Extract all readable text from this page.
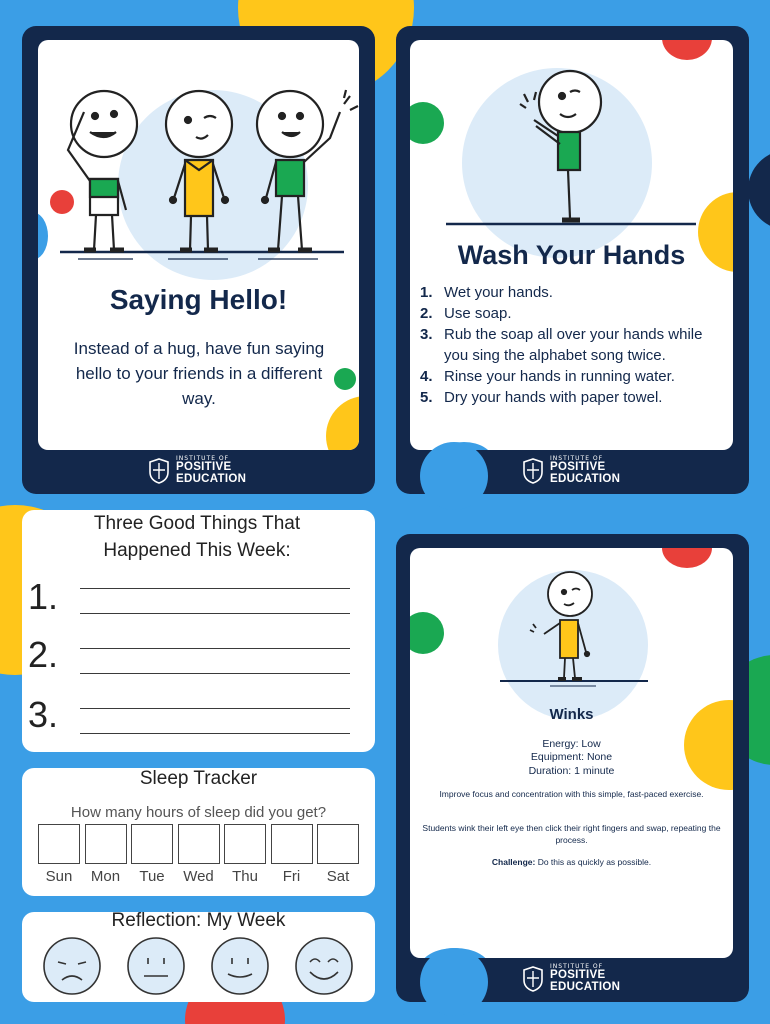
Saying Hello!
Instead of a hug, have fun saying hello to your friends in a different way.
INSTITUTE OF
POSITIVE
EDUCATION
Wash Your Hands
1. Wet your hands.
2. Use soap.
3. Rub the soap all over your hands while you sing the alphabet song twice.
4. Rinse your hands in running water.
5. Dry your hands with paper towel.
INSTITUTE OF
POSITIVE
EDUCATION
Three Good Things That Happened This Week:
1.
2.
3.
Sleep Tracker
How many hours of sleep did you get?
Sun	Mon	Tue	Wed	Thu	Fri	Sat
Reflection: My Week
Winks
Energy: Low
Equipment: None
Duration: 1 minute
Improve focus and concentration with this simple, fast-paced exercise.
Students wink their left eye then click their right fingers and swap, repeating the process.
Challenge: Do this as quickly as possible.
INSTITUTE OF
POSITIVE
EDUCATION
